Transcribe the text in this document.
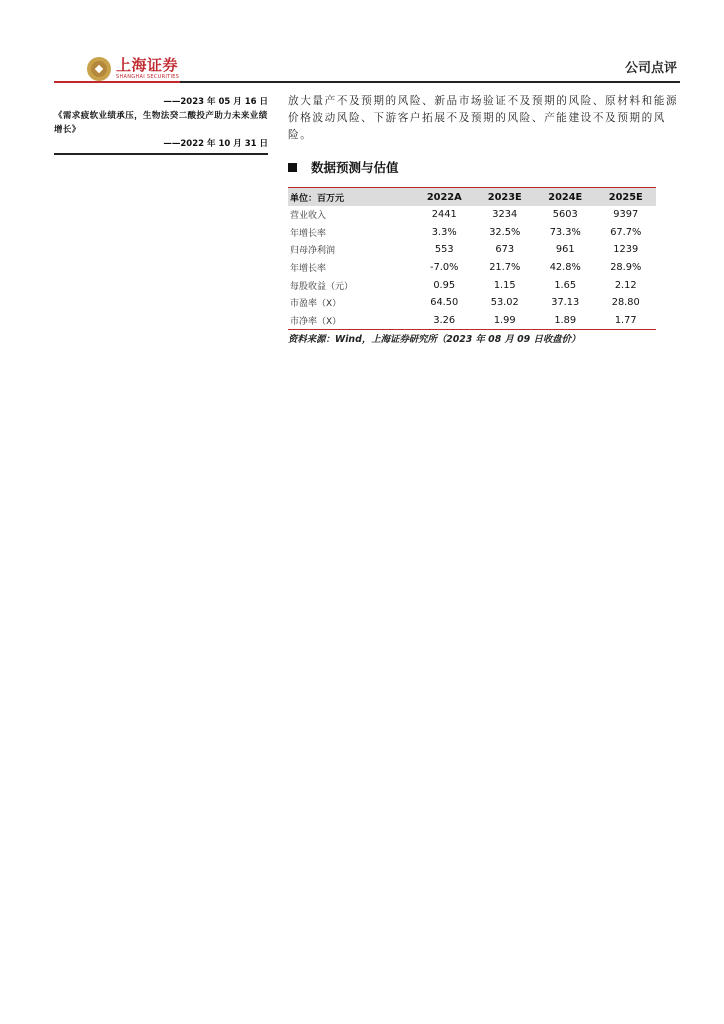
上海证券
SHANGHAI SECURITIES
公司点评
——2023 年 05 月 16 日
《需求疲软业绩承压，生物法癸二酸投产助力未来业绩增长》
——2022 年 10 月 31 日
放大量产不及预期的风险、新品市场验证不及预期的风险、原材料和能源价格波动风险、下游客户拓展不及预期的风险、产能建设不及预期的风险。
数据预测与估值
单位：百万元	2022A	2023E	2024E	2025E
营业收入	2441	3234	5603	9397
年增长率	3.3%	32.5%	73.3%	67.7%
归母净利润	553	673	961	1239
年增长率	-7.0%	21.7%	42.8%	28.9%
每股收益（元）	0.95	1.15	1.65	2.12
市盈率（X）	64.50	53.02	37.13	28.80
市净率（X）	3.26	1.99	1.89	1.77
资料来源：Wind，上海证券研究所（2023 年 08 月 09 日收盘价）
